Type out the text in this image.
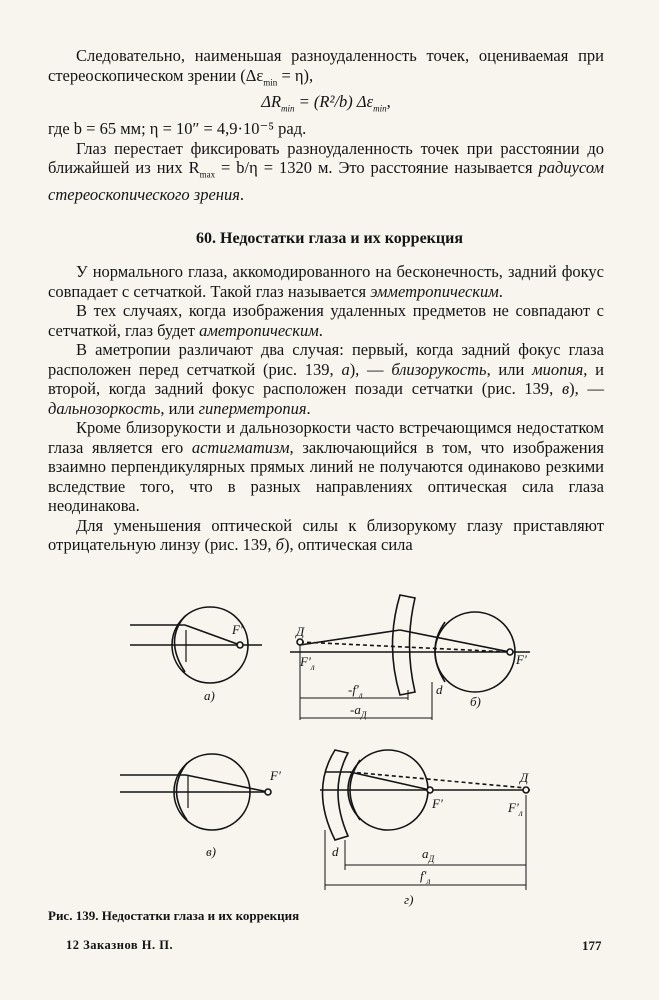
Следовательно, наименьшая разноудаленность точек, оцениваемая при стереоскопическом зрении $(\Delta\varepsilon_{min} = \eta)$,

$\Delta R_{min} = (R^2/b)$ $\Delta\varepsilon_{min}$,

где b = 65 мм; η = 10″ = 4,9·10⁻⁵ рад.

Глаз перестает фиксировать разноудаленность точек при расстоянии до ближайшей из них $R_{max} = b/\eta = 1320$ м. Это расстояние называется радиусом стереоскопического зрения.

60. Недостатки глаза и их коррекция

У нормального глаза, аккомодированного на бесконечность, задний фокус совпадает с сетчаткой. Такой глаз называется эмметропическим.

В тех случаях, когда изображения удаленных предметов не совпадают с сетчаткой, глаз будет аметропическим.

В аметропии различают два случая: первый, когда задний фокус глаза расположен перед сетчаткой (рис. 139, а), — близорукость, или миопия, и второй, когда задний фокус расположен позади сетчатки (рис. 139, в), — дальнозоркость, или гиперметропия.

Кроме близорукости и дальнозоркости часто встречающимся недостатком глаза является его астигматизм, заключающийся в том, что изображения взаимно перпендикулярных прямых линий не получаются одинаково резкими вследствие того, что в разных направлениях оптическая сила глаза неодинакова.

Для уменьшения оптической силы к близорукому глазу приставляют отрицательную линзу (рис. 139, б), оптическая сила

F′
а)
Д
$F'_л$	F′
$-f'_л$	d
$-a_Д$
б)
F′
в)
Д
F′	$F'_л$
d	$a_Д$
$f'_л$
г)
Рис. 139. Недостатки глаза и их коррекция
12 Заказнов Н. П.	177
